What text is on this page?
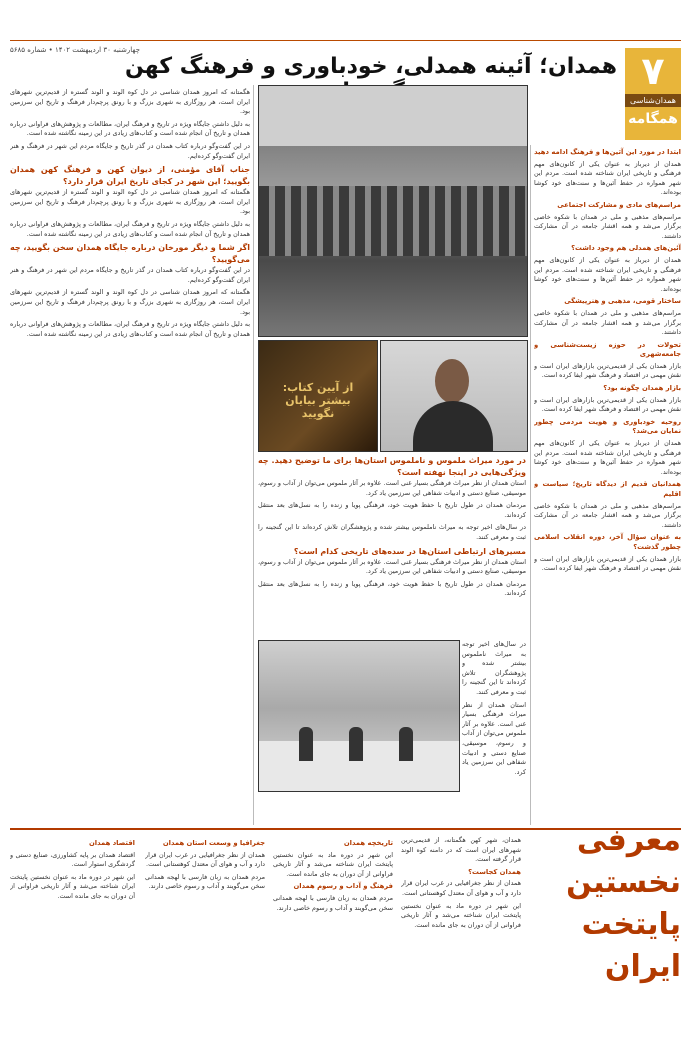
چهارشنبه ۳۰ اردیبهشت ۱۴۰۲ • شماره ۵۶۸۵	۷
همدان‌شناسی
همگامه
همدان؛ آئینه همدلی، خودباوری و فرهنگ کهن

هگمتانه که امروز همدان شناسی در دل کوه الوند و الوند گستره از قدیم‌ترین شهرهای ایران است، هر روزگاری به شهری بزرگ و با رونق پرچم‌دار فرهنگ و تاریخ این سرزمین بود.

به دلیل داشتن جایگاه ویژه در تاریخ و فرهنگ ایران، مطالعات و پژوهش‌های فراوانی درباره همدان و تاریخ آن انجام شده است و کتاب‌های زیادی در این زمینه نگاشته شده است.

در این گفت‌وگو درباره کتاب همدان در گذر تاریخ و جایگاه مردم این شهر در فرهنگ و هنر ایران گفت‌وگو کرده‌ایم.

جناب آقای مؤمنی، از دیوان کهن و فرهنگ کهن همدان بگویید؛ این شهر در کجای تاریخ ایران قرار دارد؟

هگمتانه که امروز همدان شناسی در دل کوه الوند و الوند گستره از قدیم‌ترین شهرهای ایران است، هر روزگاری به شهری بزرگ و با رونق پرچم‌دار فرهنگ و تاریخ این سرزمین بود.

به دلیل داشتن جایگاه ویژه در تاریخ و فرهنگ ایران، مطالعات و پژوهش‌های فراوانی درباره همدان و تاریخ آن انجام شده است و کتاب‌های زیادی در این زمینه نگاشته شده است.

اگر شما و دیگر مورخان درباره جایگاه همدان سخن بگویید، چه می‌گویید؟

در این گفت‌وگو درباره کتاب همدان در گذر تاریخ و جایگاه مردم این شهر در فرهنگ و هنر ایران گفت‌وگو کرده‌ایم.

هگمتانه که امروز همدان شناسی در دل کوه الوند و الوند گستره از قدیم‌ترین شهرهای ایران است، هر روزگاری به شهری بزرگ و با رونق پرچم‌دار فرهنگ و تاریخ این سرزمین بود.

به دلیل داشتن جایگاه ویژه در تاریخ و فرهنگ ایران، مطالعات و پژوهش‌های فراوانی درباره همدان و تاریخ آن انجام شده است و کتاب‌های زیادی در این زمینه نگاشته شده است.

از آیین کتاب: بیشتر بیایان نگویید
در مورد میراث ملموس و ناملموس استان‌ها برای ما توضیح دهید. چه ویژگی‌هایی در اینجا نهفته است؟

استان همدان از نظر میراث فرهنگی بسیار غنی است. علاوه بر آثار ملموس می‌توان از آداب و رسوم، موسیقی، صنایع دستی و ادبیات شفاهی این سرزمین یاد کرد.

مردمان همدان در طول تاریخ با حفظ هویت خود، فرهنگی پویا و زنده را به نسل‌های بعد منتقل کرده‌اند.

در سال‌های اخیر توجه به میراث ناملموس بیشتر شده و پژوهشگران تلاش کرده‌اند تا این گنجینه را ثبت و معرفی کنند.

مسیرهای ارتباطی استان‌ها در سده‌های تاریخی کدام است؟

استان همدان از نظر میراث فرهنگی بسیار غنی است. علاوه بر آثار ملموس می‌توان از آداب و رسوم، موسیقی، صنایع دستی و ادبیات شفاهی این سرزمین یاد کرد.

مردمان همدان در طول تاریخ با حفظ هویت خود، فرهنگی پویا و زنده را به نسل‌های بعد منتقل کرده‌اند.

در سال‌های اخیر توجه به میراث ناملموس بیشتر شده و پژوهشگران تلاش کرده‌اند تا این گنجینه را ثبت و معرفی کنند.

استان همدان از نظر میراث فرهنگی بسیار غنی است. علاوه بر آثار ملموس می‌توان از آداب و رسوم، موسیقی، صنایع دستی و ادبیات شفاهی این سرزمین یاد کرد.

ابتدا در مورد این آثین‌ها و فرهنگ ادامه دهید

همدان از دیرباز به عنوان یکی از کانون‌های مهم فرهنگی و تاریخی ایران شناخته شده است. مردم این شهر همواره در حفظ آئین‌ها و سنت‌های خود کوشا بوده‌اند.

مراسم‌های مادی و مشارکت اجتماعی

مراسم‌های مذهبی و ملی در همدان با شکوه خاصی برگزار می‌شد و همه اقشار جامعه در آن مشارکت داشتند.

آئین‌های همدلی هم وجود داشت؟

همدان از دیرباز به عنوان یکی از کانون‌های مهم فرهنگی و تاریخی ایران شناخته شده است. مردم این شهر همواره در حفظ آئین‌ها و سنت‌های خود کوشا بوده‌اند.

ساختار قومی، مذهبی و هنرپیشگی

مراسم‌های مذهبی و ملی در همدان با شکوه خاصی برگزار می‌شد و همه اقشار جامعه در آن مشارکت داشتند.

تحولات در حوزه زیست‌شناسی و جامعه‌شهری

بازار همدان یکی از قدیمی‌ترین بازارهای ایران است و نقش مهمی در اقتصاد و فرهنگ شهر ایفا کرده است.

بازار همدان چگونه بود؟

بازار همدان یکی از قدیمی‌ترین بازارهای ایران است و نقش مهمی در اقتصاد و فرهنگ شهر ایفا کرده است.

روحیه خودباوری و هویت مردمی چطور نمایان می‌شد؟

همدان از دیرباز به عنوان یکی از کانون‌های مهم فرهنگی و تاریخی ایران شناخته شده است. مردم این شهر همواره در حفظ آئین‌ها و سنت‌های خود کوشا بوده‌اند.

همدانیان قدیم از دیدگاه تاریخ؛ سیاست و اقلیم

مراسم‌های مذهبی و ملی در همدان با شکوه خاصی برگزار می‌شد و همه اقشار جامعه در آن مشارکت داشتند.

به عنوان سؤال آخر، دوره انقلاب اسلامی چطور گذشت؟

بازار همدان یکی از قدیمی‌ترین بازارهای ایران است و نقش مهمی در اقتصاد و فرهنگ شهر ایفا کرده است.

معرفی
نخستین
پایتخت ایران

همدان، شهر کهن هگمتانه، از قدیمی‌ترین شهرهای ایران است که در دامنه کوه الوند قرار گرفته است.

همدان کجاست؟

همدان از نظر جغرافیایی در غرب ایران قرار دارد و آب و هوای آن معتدل کوهستانی است.

این شهر در دوره ماد به عنوان نخستین پایتخت ایران شناخته می‌شد و آثار تاریخی فراوانی از آن دوران به جای مانده است.

تاریخچه همدان

این شهر در دوره ماد به عنوان نخستین پایتخت ایران شناخته می‌شد و آثار تاریخی فراوانی از آن دوران به جای مانده است.

فرهنگ و آداب و رسوم همدان

مردم همدان به زبان فارسی با لهجه همدانی سخن می‌گویند و آداب و رسوم خاصی دارند.

جغرافیا و وسعت استان همدان

همدان از نظر جغرافیایی در غرب ایران قرار دارد و آب و هوای آن معتدل کوهستانی است.

مردم همدان به زبان فارسی با لهجه همدانی سخن می‌گویند و آداب و رسوم خاصی دارند.

اقتصاد همدان

اقتصاد همدان بر پایه کشاورزی، صنایع دستی و گردشگری استوار است.

این شهر در دوره ماد به عنوان نخستین پایتخت ایران شناخته می‌شد و آثار تاریخی فراوانی از آن دوران به جای مانده است.
